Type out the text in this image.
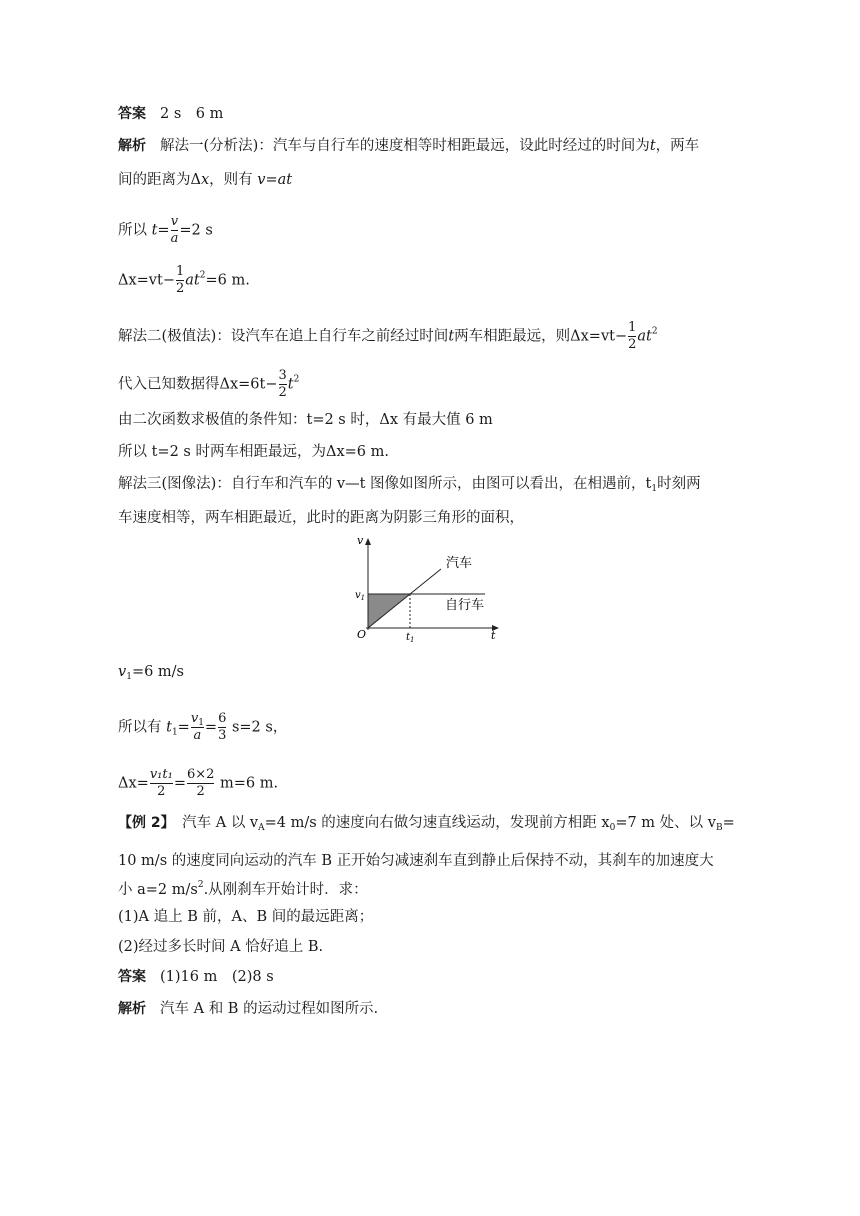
答案 2 s　6 m
解析 解法一(分析法)：汽车与自行车的速度相等时相距最远，设此时经过的时间为t，两车
间的距离为Δx，则有 v=at
所以 $t= \frac{v}{a} =2$ s
$\Delta x=vt- \frac{1}{2} at^2=6$ m.
解法二(极值法)：设汽车在追上自行车之前经过时间t两车相距最远，则$\Delta x=vt- \frac{1}{2} at^2$
代入已知数据得$\Delta x=6t- \frac{3}{2} t^2$
由二次函数求极值的条件知：t=2 s 时，Δx 有最大值 6 m
所以 t=2 s 时两车相距最远，为Δx=6 m.
解法三(图像法)：自行车和汽车的 v—t 图像如图所示，由图可以看出，在相遇前，$t_1$时刻两
车速度相等，两车相距最近，此时的距离为阴影三角形的面积，
v
t
O
$v_1$
$t_1$
汽车
自行车
$v_1=6$ m/s
所以有 $t_1= \frac{v_1}{a} = \frac{6}{3} s=2$ s，
$\Delta x= \frac{\text{v₁t₁}}{2} = \frac{6\times 2}{2} m=6$ m.
【例 2】　 汽车 A 以 $v_A=4$ m/s 的速度向右做匀速直线运动，发现前方相距 $x_0=7$ m 处、以 $v_B=$
10 m/s 的速度同向运动的汽车 B 正开始匀减速刹车直到静止后保持不动，其刹车的加速度大
小 a=2 $m/s^2$.从刚刹车开始计时．求：
(1)A 追上 B 前，A、B 间的最远距离；
(2)经过多长时间 A 恰好追上 B.
答案 (1)16 m　(2)8 s
解析 汽车 A 和 B 的运动过程如图所示.
